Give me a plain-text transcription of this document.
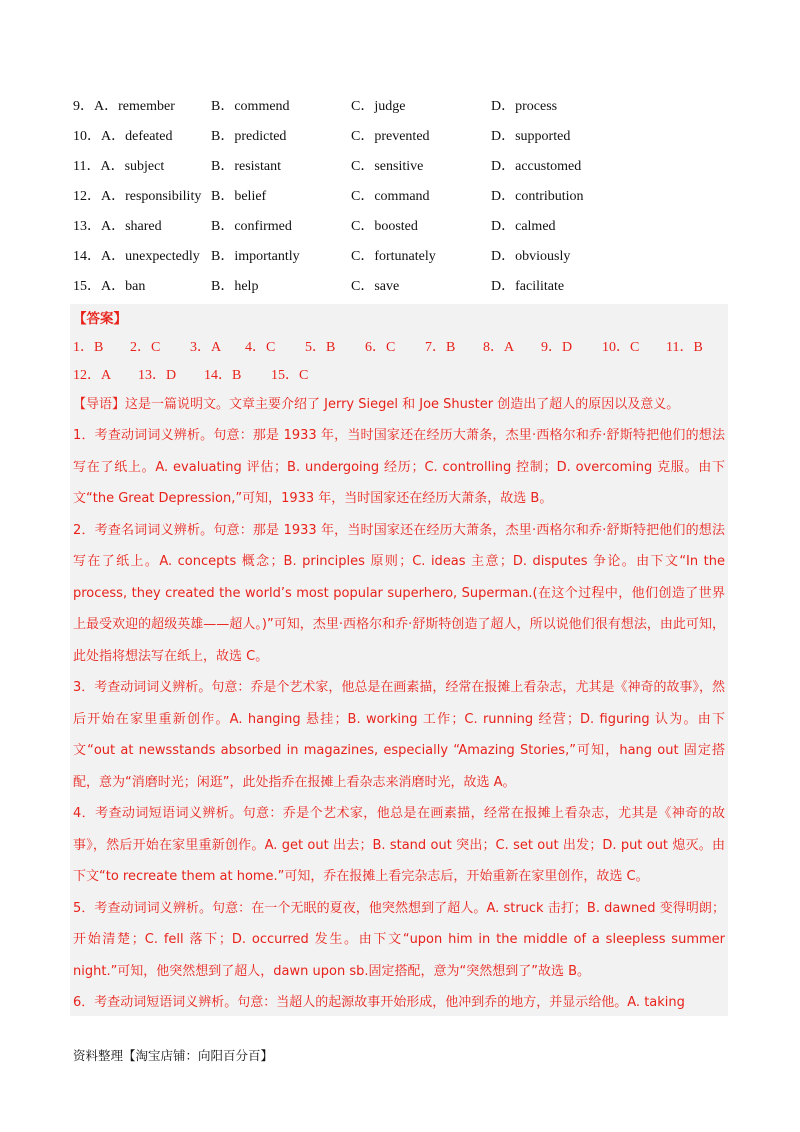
9．A．remember	B．commend	C．judge	D．process
10．A．defeated	B．predicted	C．prevented	D．supported
11．A．subject	B．resistant	C．sensitive	D．accustomed
12．A．responsibility B．belief	C．command	D．contribution
13．A．shared	B．confirmed	C．boosted	D．calmed
14．A．unexpectedly B．importantly	C．fortunately	D．obviously
15．A．ban	B．help	C．save	D．facilitate
【答案】
1．B 2．C 3．A 4．C 5．B 6．C 7．B 8．A 9．D 10．C 11．B
12．A 13．D 14．B 15．C
【导语】这是一篇说明文。文章主要介绍了 Jerry Siegel 和 Joe Shuster 创造出了超人的原因以及意义。

1．考查动词词义辨析。句意：那是 1933 年，当时国家还在经历大萧条，杰里·西格尔和乔·舒斯特把他们的想法写在了纸上。A. evaluating 评估；B. undergoing 经历；C. controlling 控制；D. overcoming 克服。由下文“the Great Depression,”可知，1933 年，当时国家还在经历大萧条，故选 B。

2．考查名词词义辨析。句意：那是 1933 年，当时国家还在经历大萧条，杰里·西格尔和乔·舒斯特把他们的想法写在了纸上。A. concepts 概念；B. principles 原则；C. ideas 主意；D. disputes 争论。由下文“In the process, they created the world’s most popular superhero, Superman.(在这个过程中，他们创造了世界上最受欢迎的超级英雄——超人。)”可知，杰里·西格尔和乔·舒斯特创造了超人，所以说他们很有想法，由此可知，此处指将想法写在纸上，故选 C。

3．考查动词词义辨析。句意：乔是个艺术家，他总是在画素描，经常在报摊上看杂志，尤其是《神奇的故事》，然后开始在家里重新创作。A. hanging 悬挂；B. working 工作；C. running 经营；D. figuring 认为。由下文“out at newsstands absorbed in magazines, especially “Amazing Stories,”可知，hang out 固定搭配，意为“消磨时光；闲逛”，此处指乔在报摊上看杂志来消磨时光，故选 A。

4．考查动词短语词义辨析。句意：乔是个艺术家，他总是在画素描，经常在报摊上看杂志，尤其是《神奇的故事》，然后开始在家里重新创作。A. get out 出去；B. stand out 突出；C. set out 出发；D. put out 熄灭。由下文“to recreate them at home.”可知，乔在报摊上看完杂志后，开始重新在家里创作，故选 C。

5．考查动词词义辨析。句意：在一个无眠的夏夜，他突然想到了超人。A. struck 击打；B. dawned 变得明朗；开始清楚；C. fell 落下；D. occurred 发生。由下文“upon him in the middle of a sleepless summer night.”可知，他突然想到了超人，dawn upon sb.固定搭配，意为“突然想到了”故选 B。

6．考查动词短语词义辨析。句意：当超人的起源故事开始形成，他冲到乔的地方，并显示给他。A. taking

资料整理【淘宝店铺：向阳百分百】
